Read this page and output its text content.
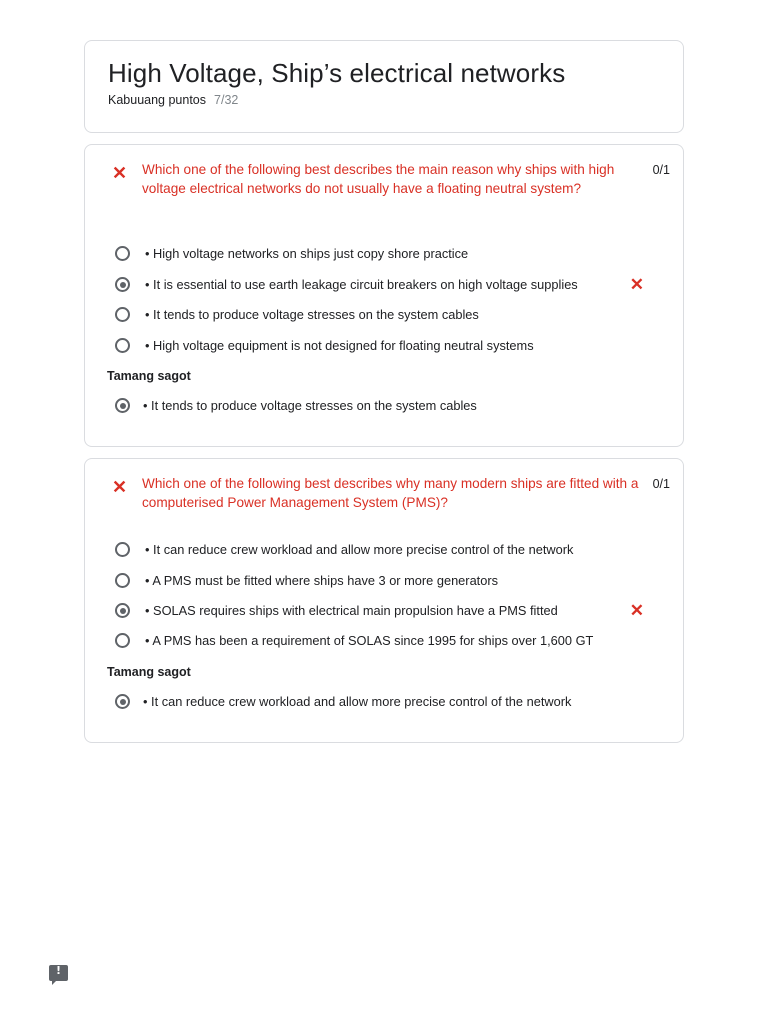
High Voltage, Ship’s electrical networks
Kabuuang puntos 7/32
✕ Which one of the following best describes the main reason why ships with high voltage electrical networks do not usually have a floating neutral system?
0/1
• High voltage networks on ships just copy shore practice
• It is essential to use earth leakage circuit breakers on high voltage supplies	✕
• It tends to produce voltage stresses on the system cables
• High voltage equipment is not designed for floating neutral systems
Tamang sagot
• It tends to produce voltage stresses on the system cables
✕ Which one of the following best describes why many modern ships are fitted with a computerised Power Management System (PMS)?
0/1
• It can reduce crew workload and allow more precise control of the network
• A PMS must be fitted where ships have 3 or more generators
• SOLAS requires ships with electrical main propulsion have a PMS fitted	✕
• A PMS has been a requirement of SOLAS since 1995 for ships over 1,600 GT
Tamang sagot
• It can reduce crew workload and allow more precise control of the network
!
